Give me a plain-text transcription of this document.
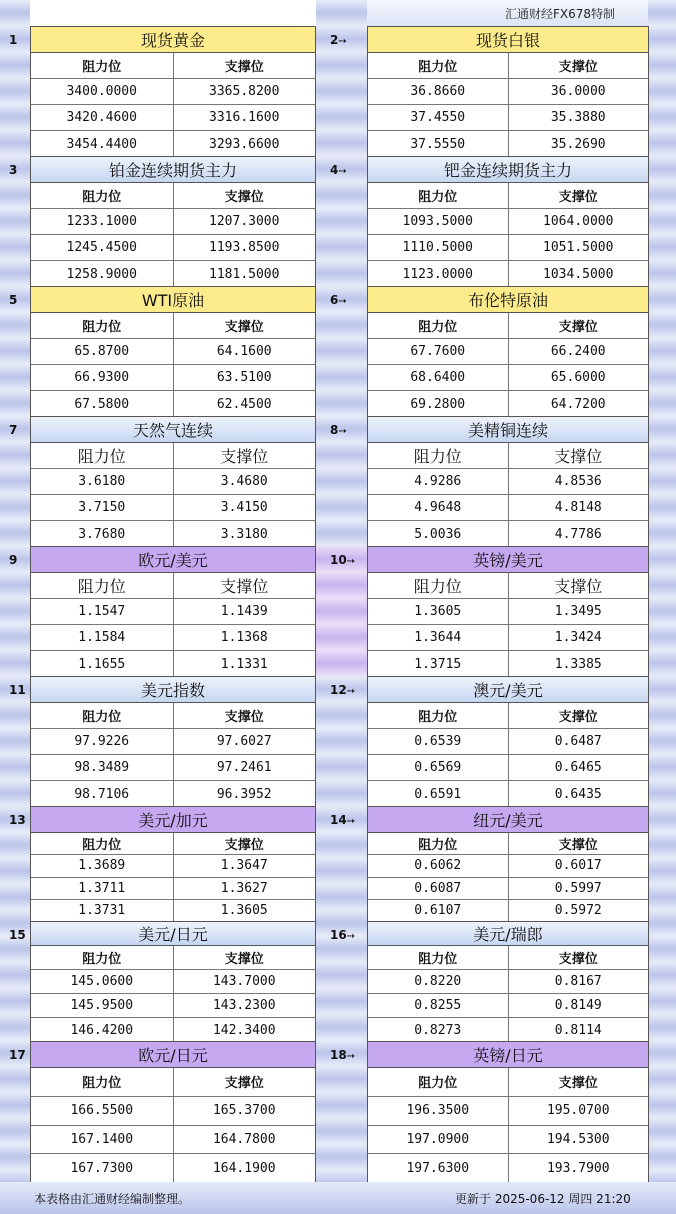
汇通财经FX678特制
1	现货黄金
阻力位	支撑位
3400.0000	3365.8200
3420.4600	3316.1600
3454.4400	3293.6600
2➙	现货白银
阻力位	支撑位
36.8660	36.0000
37.4550	35.3880
37.5550	35.2690
3	铂金连续期货主力
阻力位	支撑位
1233.1000	1207.3000
1245.4500	1193.8500
1258.9000	1181.5000
4➙	钯金连续期货主力
阻力位	支撑位
1093.5000	1064.0000
1110.5000	1051.5000
1123.0000	1034.5000
5	WTI原油
阻力位	支撑位
65.8700	64.1600
66.9300	63.5100
67.5800	62.4500
6➙	布伦特原油
阻力位	支撑位
67.7600	66.2400
68.6400	65.6000
69.2800	64.7200
7	天然气连续
阻力位	支撑位
3.6180	3.4680
3.7150	3.4150
3.7680	3.3180
8➙	美精铜连续
阻力位	支撑位
4.9286	4.8536
4.9648	4.8148
5.0036	4.7786
9	欧元/美元
阻力位	支撑位
1.1547	1.1439
1.1584	1.1368
1.1655	1.1331
10➙	英镑/美元
阻力位	支撑位
1.3605	1.3495
1.3644	1.3424
1.3715	1.3385
11	美元指数
阻力位	支撑位
97.9226	97.6027
98.3489	97.2461
98.7106	96.3952
12➙	澳元/美元
阻力位	支撑位
0.6539	0.6487
0.6569	0.6465
0.6591	0.6435
13	美元/加元
阻力位	支撑位
1.3689	1.3647
1.3711	1.3627
1.3731	1.3605
14➙	纽元/美元
阻力位	支撑位
0.6062	0.6017
0.6087	0.5997
0.6107	0.5972
15	美元/日元
阻力位	支撑位
145.0600	143.7000
145.9500	143.2300
146.4200	142.3400
16➙	美元/瑞郎
阻力位	支撑位
0.8220	0.8167
0.8255	0.8149
0.8273	0.8114
17	欧元/日元
阻力位	支撑位
166.5500	165.3700
167.1400	164.7800
167.7300	164.1900
18➙	英镑/日元
阻力位	支撑位
196.3500	195.0700
197.0900	194.5300
197.6300	193.7900
本表格由汇通财经编制整理。	更新于 2025-06-12 周四 21:20
